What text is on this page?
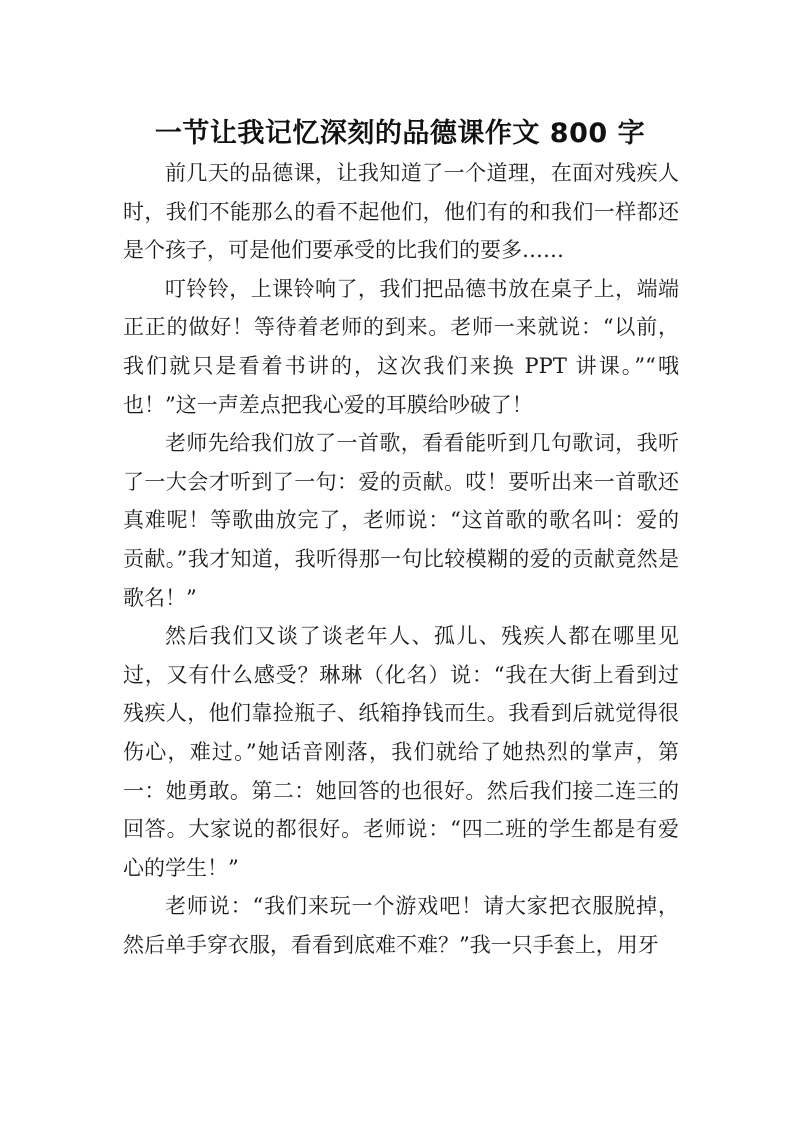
一节让我记忆深刻的品德课作文 800 字

前几天的品德课，让我知道了一个道理，在面对残疾人时，我们不能那么的看不起他们，他们有的和我们一样都还是个孩子，可是他们要承受的比我们的要多……

叮铃铃，上课铃响了，我们把品德书放在桌子上，端端正正的做好！等待着老师的到来。老师一来就说：“以前，我们就只是看着书讲的，这次我们来换 PPT 讲课。”“哦也！”这一声差点把我心爱的耳膜给吵破了！

老师先给我们放了一首歌，看看能听到几句歌词，我听了一大会才听到了一句：爱的贡献。哎！要听出来一首歌还真难呢！等歌曲放完了，老师说：“这首歌的歌名叫：爱的贡献。”我才知道，我听得那一句比较模糊的爱的贡献竟然是歌名！”

然后我们又谈了谈老年人、孤儿、残疾人都在哪里见过，又有什么感受？琳琳（化名）说：“我在大街上看到过残疾人，他们靠捡瓶子、纸箱挣钱而生。我看到后就觉得很伤心，难过。”她话音刚落，我们就给了她热烈的掌声，第一：她勇敢。第二：她回答的也很好。然后我们接二连三的回答。大家说的都很好。老师说：“四二班的学生都是有爱心的学生！”

老师说：“我们来玩一个游戏吧！请大家把衣服脱掉，然后单手穿衣服，看看到底难不难？”我一只手套上，用牙
